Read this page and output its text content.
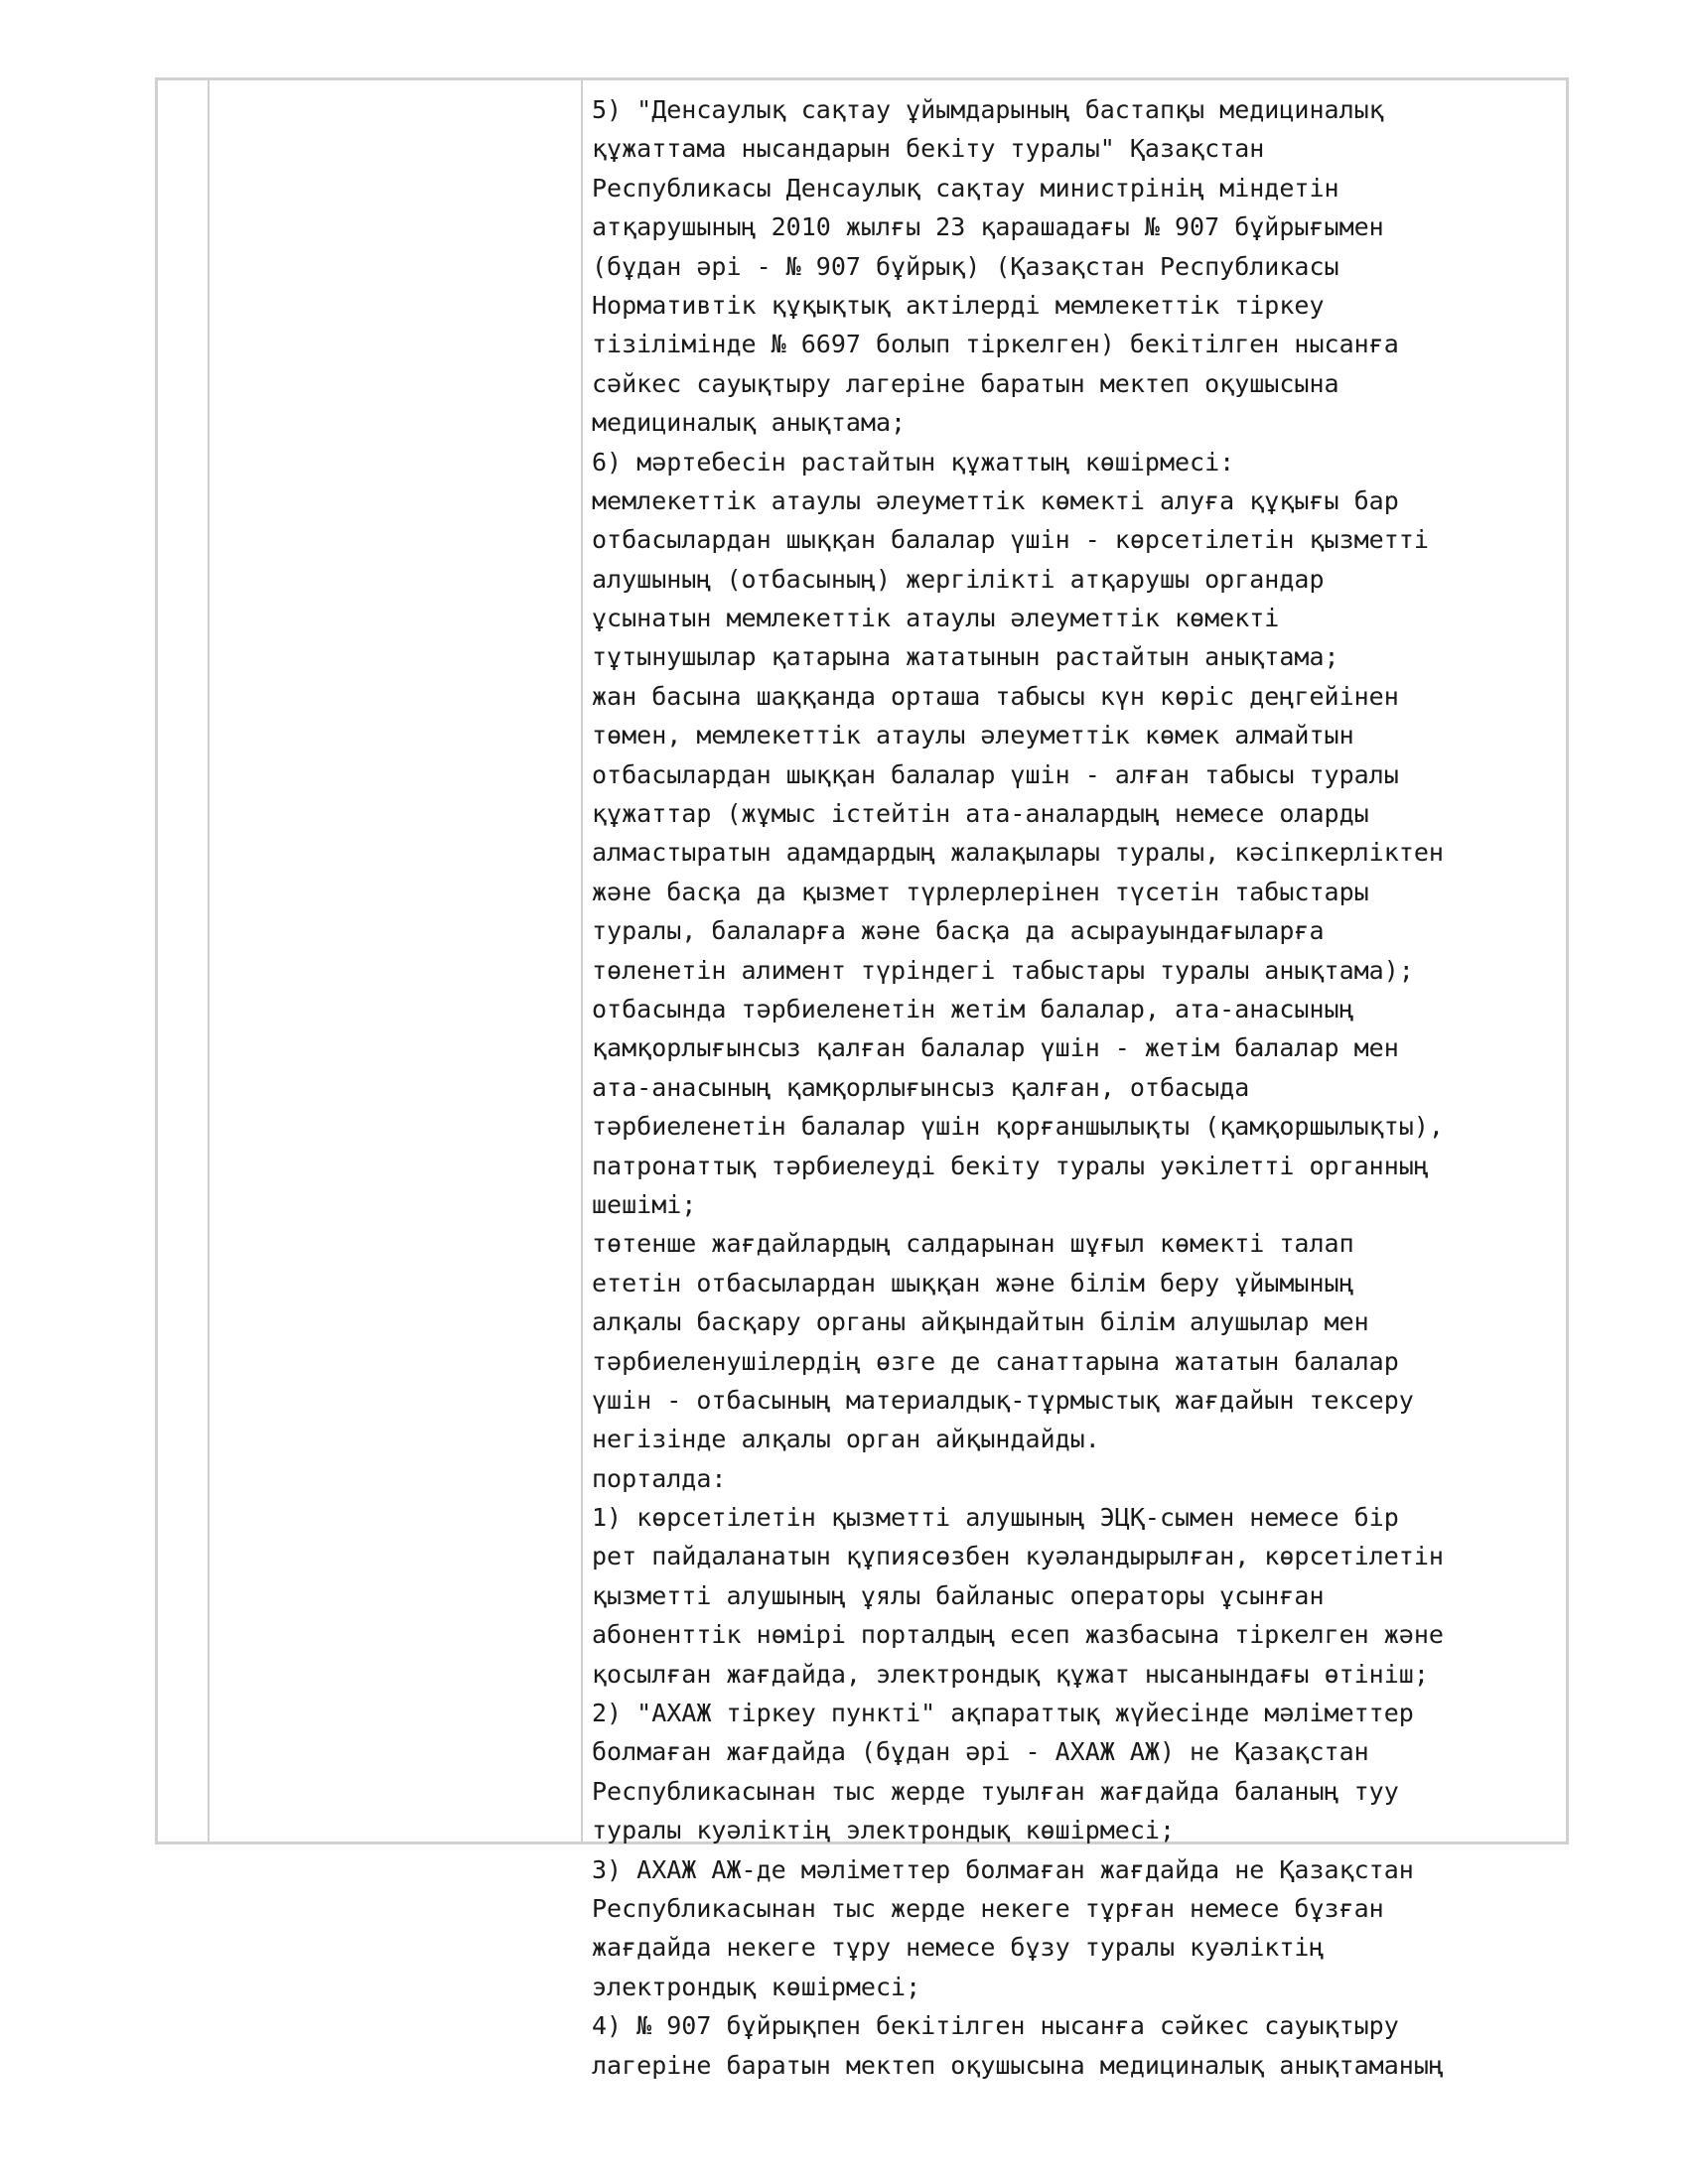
5) "Денсаулық сақтау ұйымдарының бастапқы медициналық
құжаттама нысандарын бекіту туралы" Қазақстан
Республикасы Денсаулық сақтау министрінің міндетін
атқарушының 2010 жылғы 23 қарашадағы № 907 бұйрығымен
(бұдан әрі - № 907 бұйрық) (Қазақстан Республикасы
Нормативтік құқықтық актілерді мемлекеттік тіркеу
тізілімінде № 6697 болып тіркелген) бекітілген нысанға
сәйкес сауықтыру лагеріне баратын мектеп оқушысына
медициналық анықтама;
6) мәртебесін растайтын құжаттың көшірмесі:
мемлекеттік атаулы әлеуметтік көмекті алуға құқығы бар
отбасылардан шыққан балалар үшін - көрсетілетін қызметті
алушының (отбасының) жергілікті атқарушы органдар
ұсынатын мемлекеттік атаулы әлеуметтік көмекті
тұтынушылар қатарына жататынын растайтын анықтама;
жан басына шаққанда орташа табысы күн көріс деңгейінен
төмен, мемлекеттік атаулы әлеуметтік көмек алмайтын
отбасылардан шыққан балалар үшін - алған табысы туралы
құжаттар (жұмыс істейтін ата-аналардың немесе оларды
алмастыратын адамдардың жалақылары туралы, кәсіпкерліктен
және басқа да қызмет түрлерлерінен түсетін табыстары
туралы, балаларға және басқа да асырауындағыларға
төленетін алимент түріндегі табыстары туралы анықтама);
отбасында тәрбиеленетін жетім балалар, ата-анасының
қамқорлығынсыз қалған балалар үшін - жетім балалар мен
ата-анасының қамқорлығынсыз қалған, отбасыда
тәрбиеленетін балалар үшін қорғаншылықты (қамқоршылықты),
патронаттық тәрбиелеуді бекіту туралы уәкілетті органның
шешімі;
төтенше жағдайлардың салдарынан шұғыл көмекті талап
ететін отбасылардан шыққан және білім беру ұйымының
алқалы басқару органы айқындайтын білім алушылар мен
тәрбиеленушілердің өзге де санаттарына жататын балалар
үшін - отбасының материалдық-тұрмыстық жағдайын тексеру
негізінде алқалы орган айқындайды.
порталда:
1) көрсетілетін қызметті алушының ЭЦҚ-сымен немесе бір
рет пайдаланатын құпиясөзбен куәландырылған, көрсетілетін
қызметті алушының ұялы байланыс операторы ұсынған
абоненттік нөмірі порталдың есеп жазбасына тіркелген және
қосылған жағдайда, электрондық құжат нысанындағы өтініш;
2) "АХАЖ тіркеу пункті" ақпараттық жүйесінде мәліметтер
болмаған жағдайда (бұдан әрі - АХАЖ АЖ) не Қазақстан
Республикасынан тыс жерде туылған жағдайда баланың туу
туралы куәліктің электрондық көшірмесі;
3) АХАЖ АЖ-де мәліметтер болмаған жағдайда не Қазақстан
Республикасынан тыс жерде некеге тұрған немесе бұзған
жағдайда некеге тұру немесе бұзу туралы куәліктің
электрондық көшірмесі;
4) № 907 бұйрықпен бекітілген нысанға сәйкес сауықтыру
лагеріне баратын мектеп оқушысына медициналық анықтаманың
